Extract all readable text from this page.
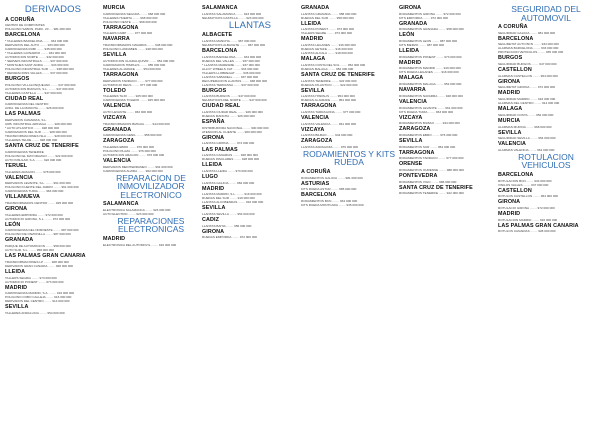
DERIVADOS
A CORUÑA
CENTRO DE COMPOSITES
POLIGONO SABON, PARC. 20 .... 981 000 000
BARCELONA
* TALLERES BARCELONA ........ 934 000 000
DERIVADOS DEL AUTO ........ 933 000 000
CARROCERIAS RUBI ........ 935 000 000
* TALLERES GUINARDO ........ 934 000 000
AUTOMOCION NORTE ........ 932 000 000
* SERVEIS INDUSTRIALS ........ 937 000 000
* MONTAJES SANT ADRIA ........ 933 000 000
POLIGONO INDUSTRIAL SUR ........ 938 000 000
* REPARACIONS VALLES ........ 937 000 000
BURGOS
POLIGONO VILLALONQUEJAR ........ 947 000 000
AUTOMOCION BURGOS, S.L. ........ 947 000 000
TALLERES CASTILLA ........ 947 000 000
CIUDAD REAL
CARROCERIAS DEL CENTRO
AVDA. DE LA MANCHA ........ 926 000 000
LAS PALMAS
DERIVADOS CANARIAS, S.L.
URB. INDUSTRIAL ARINAGA ........ 928 000 000
* AUTO ATLANTICO ........ 928 000 000
CARROZADOS DEL SUR ........ 928 000 000
TRANSFORMACIONES ISLA ........ 928 000 000
TALLERES TELDE ........ 928 000 000
SANTA CRUZ DE TENERIFE
CARROCERIAS TENERIFE
POLIGONO EL MAYORAZGO ........ 922 000 000
AUTO INSULAR, S.A. ........ 922 000 000
TERUEL
TALLERES ARAGON ........ 978 000 000
VALENCIA
DERIVADOS LEVANTE, S.L. ........ 961 000 000
POLIGONO FUENTE DEL JARRO ........ 961 000 000
CARROCERIAS TURIA ........ 963 000 000
VILLANUEVA
TRANSFORMADOS CENTRO ........ 925 000 000
GIRONA
TALLERES EMPORDA ........ 972 000 000
AUTOMOCIO GIRONA, S.L. ........ 972 000 000
LEÓN
CARROCERIAS DEL NOROESTE ........ 987 000 000
POLIGONO DE ONZONILLA ........ 987 000 000
GRANADA
PARQUE DE AUTOMOCION ........ 958 000 000
AUTO SUR, S.L. ........ 958 000 000
LAS PALMAS GRAN CANARIA
TRANSFORMACIONES LP ........ 928 000 000
DERIVADOS GRAN CANARIA ........ 928 000 000
LLEIDA
TALLERS SEGRIA ........ 973 000 000
AUTOMOCIO PONENT ........ 973 000 000
MADRID
CARROCERIAS MADRID, S.A. ........ 916 000 000
POLIGONO COBO CALLEJA ........ 916 000 000
DERIVADOS DEL CENTRO ........ 914 000 000
SEVILLA
TALLERES ANDALUCIA ........ 954 000 000
MURCIA
CARROCERIAS SEGURA ........ 968 000 000
TALLERES HUERTA ........ 968 000 000
POLIGONO OESTE ........ 968 000 000
TARRAGONA
TALLERS CAMP ........ 977 000 000
NAVARRA
TRANSFORMADOS NAVARRA ........ 948 000 000
POLIGONO LANDABEN ........ 948 000 000
SEVILLA
AUTOMOCION GUADALQUIVIR ........ 954 000 000
CARROZADOS HISPALIS ........ 955 000 000
TALLERES ALJARAFE ........ 954 000 000
TARRAGONA
DERIVADOS TARRACO ........ 977 000 000
AUTOMOCIO REUS ........ 977 000 000
TOLEDO
TALLERES TAJO ........ 925 000 000
CARROCERIAS TOLEDO ........ 925 000 000
VALENCIA
AUTO LEVANTE ........ 963 000 000
VIZCAYA
TRANSFORMADOS BIZKAIA ........ 944 000 000
GRANADA
CARROCERIAS GENIL ........ 958 000 000
ZARAGOZA
TALLERES EBRO ........ 976 000 000
POLIGONO PLAZA ........ 976 000 000
AUTOMOCION ARAGON ........ 976 000 000
VALENCIA
DERIVADOS MEDITERRANEO ........ 961 000 000
CARROCERIAS ALZIRA ........ 962 000 000
REPARACION DE INMOVILIZADOR ELECTRONICO
SALAMANCA
ELECTRONICA SALAMANCA ........ 923 000 000
AUTO ELECTRIC ........ 923 000 000
REPARACIONES ELECTRONICAS
MADRID
ELECTRONICA DEL AUTOMOVIL ........ 916 000 000
SALAMANCA
LLANTAS SALAMANCA ........ 923 000 000
NEUMATICOS CASTILLA ........ 923 000 000
LLANTAS
ALBACETE
LLANTAS MANCHA ........ 967 000 000
NEUMATICOS ALBACETE ........ 967 000 000
BARCELONA
LLANTAS BARCELONA ........ 934 000 000
RUEDAS DEL VALLES ........ 937 000 000
* LLANTAS MARESME ........ 937 000 000
ALLOY WHEELS CAT ........ 933 000 000
TALLERS LLOBREGAT ........ 936 000 000
LLANTAS SABADELL ........ 937 000 000
RECUPERACION LLANTAS ........ 938 000 000
LLANTAS TERRASSA ........ 937 000 000
BURGOS
LLANTAS BURGOS ........ 947 000 000
NEUMATICOS DEL NORTE ........ 947 000 000
CIUDAD REAL
LLANTAS CIUDAD REAL ........ 926 000 000
RUEDAS MANCHA ........ 926 000 000
ESPAÑA
DISTRIBUIDORA NACIONAL ........ 900 000 000
ATENCION AL CLIENTE ........ 900 000 000
GIRONA
LLANTAS GIRONA ........ 972 000 000
LAS PALMAS
LLANTAS CANARIAS ........ 928 000 000
RUEDAS INSULARES ........ 928 000 000
LLEIDA
LLANTAS LLEIDA ........ 973 000 000
LUGO
LLANTAS GALICIA ........ 982 000 000
MADRID
LLANTAS MADRID, S.L. ........ 916 000 000
RUEDAS DEL SUR ........ 916 000 000
LLANTAS ALCOBENDAS ........ 916 000 000
SEVILLA
LLANTAS SEVILLA ........ 954 000 000
CADIZ
LLANTAS BAHIA ........ 956 000 000
GIRONA
RUEDAS EMPORDA ........ 972 000 000
GRANADA
LLANTAS GRANADA ........ 958 000 000
RUEDAS DEL SUR ........ 958 000 000
LLEIDA
LLANTAS PONENT ........ 973 000 000
TALLERS SEGRE ........ 973 000 000
MADRID
LLANTAS LEGANES ........ 916 000 000
RUEDAS GETAFE ........ 916 000 000
LLANTAS ALCALA ........ 918 000 000
MALAGA
LLANTAS COSTA DEL SOL ........ 952 000 000
RUEDAS MALAGA ........ 952 000 000
SANTA CRUZ DE TENERIFE
LLANTAS TENERIFE ........ 922 000 000
RUEDAS ATLANTICO ........ 922 000 000
SEVILLA
LLANTAS HISPALIS ........ 954 000 000
RUEDAS ALJARAFE ........ 954 000 000
TARRAGONA
LLANTAS TARRAGONA ........ 977 000 000
VALENCIA
LLANTAS VALENCIA ........ 961 000 000
VIZCAYA
LLANTAS BILBAO ........ 944 000 000
ZARAGOZA
LLANTAS ZARAGOZA ........ 976 000 000
RODAMIENTOS Y KITS RUEDA
A CORUÑA
RODAMIENTOS GALICIA ........ 981 000 000
ASTURIAS
KITS RUEDA ASTUR ........ 985 000 000
BARCELONA
RODAMIENTOS BCN ........ 934 000 000
KITS RUEDA MONTCADA ........ 935 000 000
GIRONA
RODAMIENTOS GIRONA ........ 972 000 000
KITS EMPORDA ........ 972 000 000
GRANADA
RODAMIENTOS GRANADA ........ 958 000 000
LEÓN
RODAMIENTOS LEON ........ 987 000 000
KITS BIERZO ........ 987 000 000
LLEIDA
RODAMIENTOS PONENT ........ 973 000 000
MADRID
RODAMIENTOS MADRID ........ 916 000 000
KITS RUEDA LEGANES ........ 916 000 000
MALAGA
RODAMIENTOS MALAGA ........ 952 000 000
NAVARRA
RODAMIENTOS NAVARRA ........ 948 000 000
VALENCIA
RODAMIENTOS LEVANTE ........ 961 000 000
KITS RUEDA TURIA ........ 963 000 000
VIZCAYA
RODAMIENTOS BILBAO ........ 944 000 000
ZARAGOZA
RODAMIENTOS EBRO ........ 976 000 000
SEVILLA
RODAMIENTOS SUR ........ 954 000 000
TARRAGONA
RODAMIENTOS TARRACO ........ 977 000 000
ORENSE
RODAMIENTOS OURENSE ........ 988 000 000
PONTEVEDRA
RODAMIENTOS VIGO ........ 986 000 000
SANTA CRUZ DE TENERIFE
RODAMIENTOS TENERIFE ........ 922 000 000
SEGURIDAD DEL AUTOMOVIL
A CORUÑA
SEGURIDAD GALICIA ........ 981 000 000
BARCELONA
SEGURETAT AUTO BCN ........ 934 000 000
ALARMAS BARCELONA ........ 933 000 000
PROTECCION VEHICULOS ........ 935 000 000
BURGOS
SEGURIDAD BURGOS ........ 947 000 000
CASTELLON
ALARMAS CASTELLON ........ 964 000 000
GIRONA
SEGURETAT GIRONA ........ 972 000 000
MADRID
SEGURIDAD MADRID ........ 916 000 000
ALARMAS DEL CENTRO ........ 914 000 000
MALAGA
SEGURIDAD COSTA ........ 952 000 000
MURCIA
ALARMAS MURCIA ........ 968 000 000
SEVILLA
SEGURIDAD SEVILLA ........ 954 000 000
VALENCIA
ALARMAS VALENCIA ........ 961 000 000
ROTULACION VEHICULOS
BARCELONA
ROTULACION BCN ........ 934 000 000
VINILOS VALLES ........ 937 000 000
CASTELLON
ROTULOS CASTELLON ........ 964 000 000
GIRONA
ROTULACIO GIRONA ........ 972 000 000
MADRID
ROTULACION MADRID ........ 916 000 000
LAS PALMAS GRAN CANARIA
ROTULOS CANARIAS ........ 928 000 000
